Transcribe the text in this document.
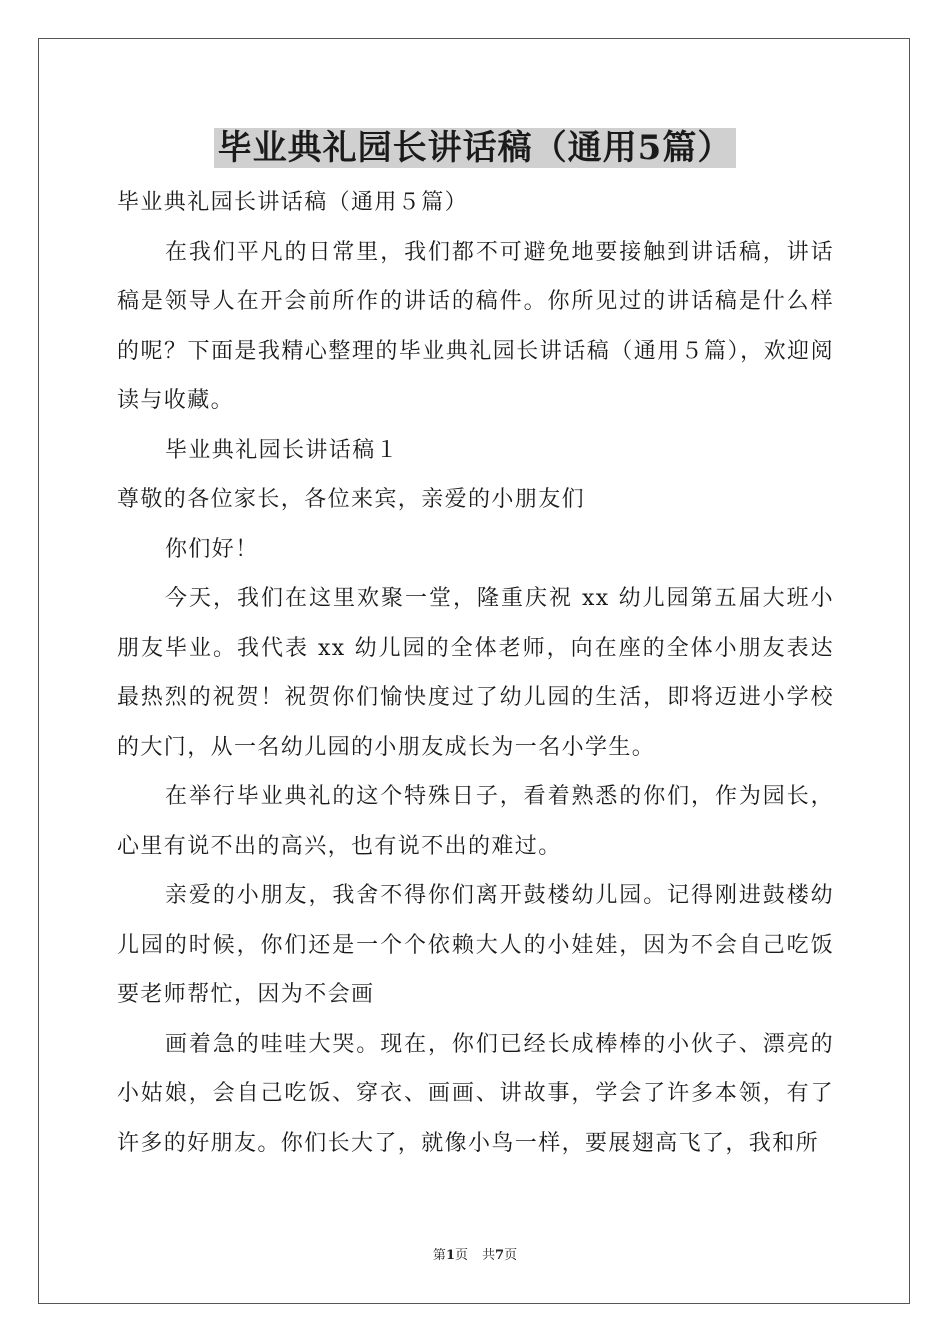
毕业典礼园长讲话稿（通用5篇）

毕业典礼园长讲话稿（通用５篇）

在我们平凡的日常里，我们都不可避免地要接触到讲话稿，讲话稿是领导人在开会前所作的讲话的稿件。你所见过的讲话稿是什么样的呢？下面是我精心整理的毕业典礼园长讲话稿（通用５篇），欢迎阅读与收藏。

毕业典礼园长讲话稿１

尊敬的各位家长，各位来宾，亲爱的小朋友们

你们好！

今天，我们在这里欢聚一堂，隆重庆祝 xx 幼儿园第五届大班小朋友毕业。我代表 xx 幼儿园的全体老师，向在座的全体小朋友表达最热烈的祝贺！祝贺你们愉快度过了幼儿园的生活，即将迈进小学校的大门，从一名幼儿园的小朋友成长为一名小学生。

在举行毕业典礼的这个特殊日子，看着熟悉的你们，作为园长，心里有说不出的高兴，也有说不出的难过。

亲爱的小朋友，我舍不得你们离开鼓楼幼儿园。记得刚进鼓楼幼儿园的时候，你们还是一个个依赖大人的小娃娃，因为不会自己吃饭要老师帮忙，因为不会画

画着急的哇哇大哭。现在，你们已经长成棒棒的小伙子、漂亮的小姑娘，会自己吃饭、穿衣、画画、讲故事，学会了许多本领，有了许多的好朋友。你们长大了，就像小鸟一样，要展翅高飞了，我和所

第1页 共7页
